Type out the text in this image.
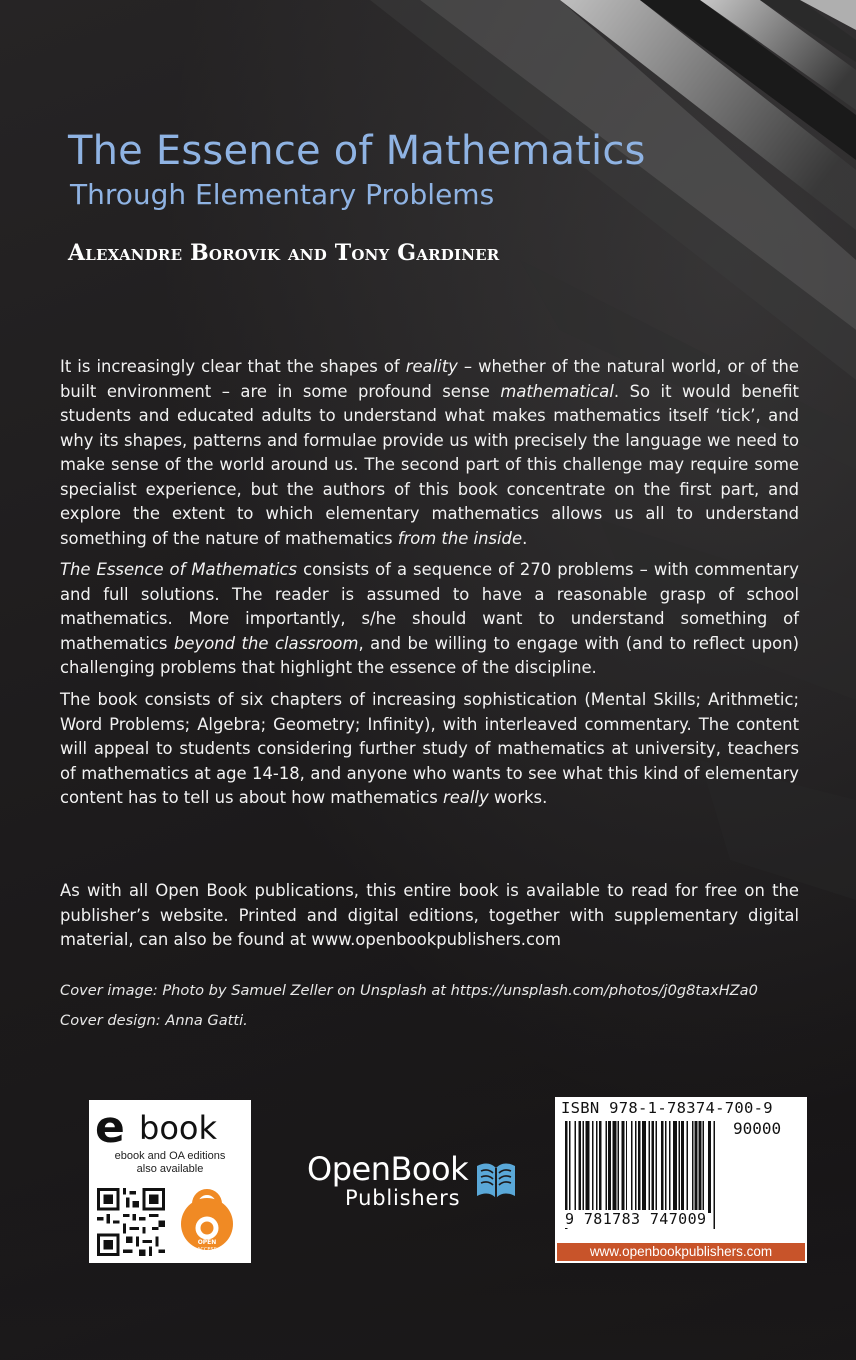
The Essence of Mathematics
Through Elementary Problems
Alexandre Borovik and Tony Gardiner

It is increasingly clear that the shapes of reality – whether of the natural world, or of the built environment – are in some profound sense mathematical. So it would benefit students and educated adults to understand what makes mathematics itself ‘tick’, and why its shapes, patterns and formulae provide us with precisely the language we need to make sense of the world around us. The second part of this challenge may require some specialist experience, but the authors of this book concentrate on the first part, and explore the extent to which elementary mathematics allows us all to understand something of the nature of mathematics from the inside.

The Essence of Mathematics consists of a sequence of 270 problems – with commentary and full solutions. The reader is assumed to have a reasonable grasp of school mathematics. More importantly, s/he should want to understand something of mathematics beyond the classroom, and be willing to engage with (and to reflect upon) challenging problems that highlight the essence of the discipline.

The book consists of six chapters of increasing sophistication (Mental Skills; Arithmetic; Word Problems; Algebra; Geometry; Infinity), with interleaved commentary. The content will appeal to students considering further study of mathematics at university, teachers of mathematics at age 14-18, and anyone who wants to see what this kind of elementary content has to tell us about how mathematics really works.

As with all Open Book publications, this entire book is available to read for free on the publisher’s website. Printed and digital editions, together with supplementary digital material, can also be found at www.openbookpublishers.com

Cover image: Photo by Samuel Zeller on Unsplash at https://unsplash.com/photos/j0g8taxHZa0
Cover design: Anna Gatti.
e book
ebook and OA editions
also available
OPEN
ACCESS
OpenBook
Publishers
ISBN 978-1-78374-700-9
90000
9 781783 747009
www.openbookpublishers.com
